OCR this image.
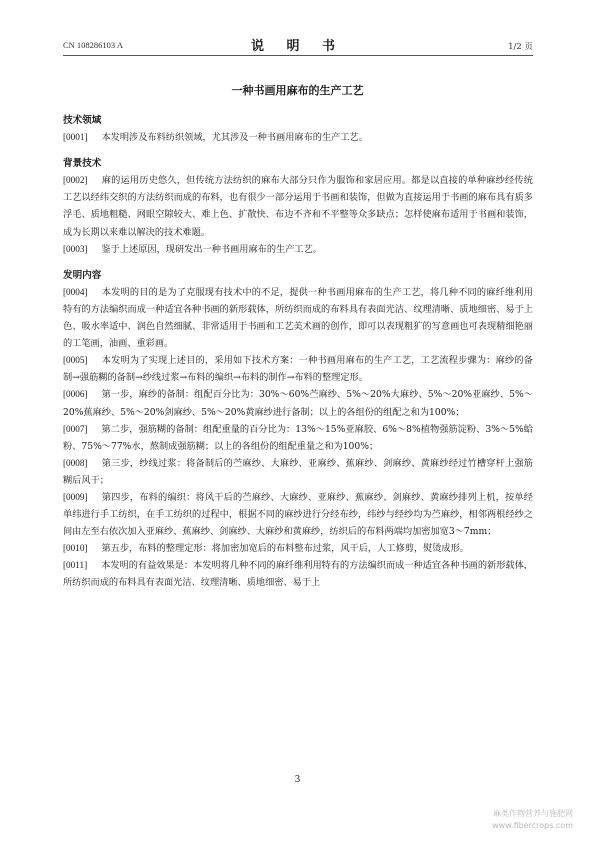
CN 108286103 A	说 明 书	1/2 页
一种书画用麻布的生产工艺
技术领域
[0001] 本发明涉及布料纺织领域，尤其涉及一种书画用麻布的生产工艺。
背景技术
[0002] 麻的运用历史悠久，但传统方法纺织的麻布大部分只作为服饰和家居应用。都是以直接的单种麻纱经传统工艺以经纬交织的方法纺织而成的布料，也有很少一部分运用于书画和装饰，但做为直接运用于书画的麻布具有质多浮毛、质地粗糙、网眼空隙较大、难上色、扩散快、布边不齐和不平整等众多缺点；怎样使麻布适用于书画和装饰，成为长期以来难以解决的技术难题。
[0003] 鉴于上述原因，现研发出一种书画用麻布的生产工艺。
发明内容
[0004] 本发明的目的是为了克服现有技术中的不足，提供一种书画用麻布的生产工艺，将几种不同的麻纤维利用特有的方法编织而成一种适宜各种书画的新形载体，所纺织而成的布料具有表面光洁、纹理清晰、质地细密、易于上色、吸水率适中、润色自然细腻、非常适用于书画和工艺美术画的创作，即可以表现粗犷的写意画也可表现精细艳丽的工笔画，油画、重彩画。
[0005] 本发明为了实现上述目的，采用如下技术方案：一种书画用麻布的生产工艺，工艺流程步骤为：麻纱的备制→强筋糊的备制→纱线过浆→布料的编织→布料的制作→布料的整理定形。
[0006] 第一步，麻纱的备制：组配百分比为：30%～60%苎麻纱、5%～20%大麻纱、5%～20%亚麻纱、5%～20%蕉麻纱、5%～20%剑麻纱、5%～20%黄麻纱进行备制；以上的各组份的组配之和为100%；
[0007] 第二步，强筋糊的备制：组配重量的百分比为：13%～15%亚麻胶、6%～8%植物强筋淀粉、3%～5%蛤粉、75%～77%水，熬制成强筋糊；以上的各组份的组配重量之和为100%；
[0008] 第三步，纱线过浆：将备制后的苎麻纱、大麻纱、亚麻纱、蕉麻纱、剑麻纱、黄麻纱经过竹槽穿杆上强筋糊后风干；
[0009] 第四步，布料的编织：将风干后的苎麻纱、大麻纱、亚麻纱、蕉麻纱、剑麻纱、黄麻纱排列上机，按单经单纬进行手工纺织，在手工纺织的过程中，根据不同的麻纱进行分经布纱，纬纱与经纱均为苎麻纱，相邻两根经纱之间由左至右依次加入亚麻纱、蕉麻纱、剑麻纱、大麻纱和黄麻纱，纺织后的布料两端均加密加宽3～7mm；
[0010] 第五步，布料的整理定形：将加密加宽后的布料整布过浆，风干后，人工修剪，熨烫成形。
[0011] 本发明的有益效果是：本发明将几种不同的麻纤维利用特有的方法编织而成一种适宜各种书画的新形载体，所纺织而成的布料具有表面光洁、纹理清晰、质地细密、易于上
3
麻类作物营养与施肥网
www.fibercrops.com
